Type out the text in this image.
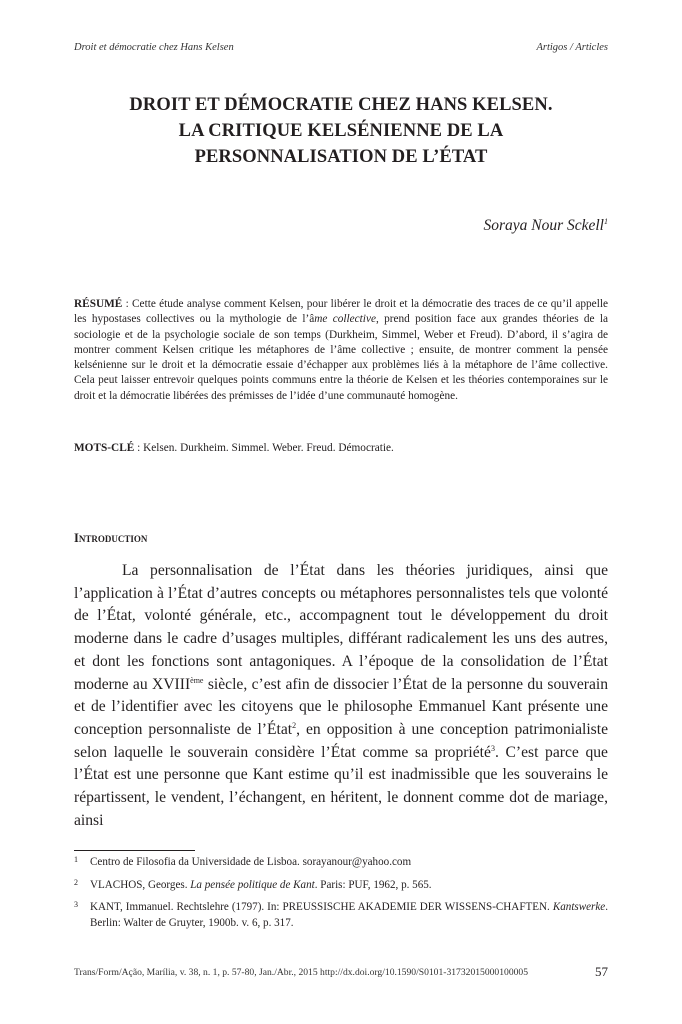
Droit et démocratie chez Hans Kelsen	Artigos / Articles
DROIT ET DÉMOCRATIE CHEZ HANS KELSEN.
LA CRITIQUE KELSÉNIENNE DE LA
PERSONNALISATION DE L’ÉTAT
Soraya Nour Sckell$^1$
RÉSUMÉ : Cette étude analyse comment Kelsen, pour libérer le droit et la démocratie des traces de ce qu’il appelle les hypostases collectives ou la mythologie de l’âme collective, prend position face aux grandes théories de la sociologie et de la psychologie sociale de son temps (Durkheim, Simmel, Weber et Freud). D’abord, il s’agira de montrer comment Kelsen critique les métaphores de l’âme collective ; ensuite, de montrer comment la pensée kelsénienne sur le droit et la démocratie essaie d’échapper aux problèmes liés à la métaphore de l’âme collective. Cela peut laisser entrevoir quelques points communs entre la théorie de Kelsen et les théories contemporaines sur le droit et la démocratie libérées des prémisses de l’idée d’une communauté homogène.
MOTS-CLÉ : Kelsen. Durkheim. Simmel. Weber. Freud. Démocratie.
Introduction

La personnalisation de l’État dans les théories juridiques, ainsi que l’application à l’État d’autres concepts ou métaphores personnalistes tels que volonté de l’État, volonté générale, etc., accompagnent tout le développement du droit moderne dans le cadre d’usages multiples, différant radicalement les uns des autres, et dont les fonctions sont antagoniques. A l’époque de la consolidation de l’État moderne au XVIIIème siècle, c’est afin de dissocier l’État de la personne du souverain et de l’identifier avec les citoyens que le philosophe Emmanuel Kant présente une conception personnaliste de l’État$^2$, en opposition à une conception patrimonialiste selon laquelle le souverain considère l’État comme sa propriété$^3$. C’est parce que l’État est une personne que Kant estime qu’il est inadmissible que les souverains le répartissent, le vendent, l’échangent, en héritent, le donnent comme dot de mariage, ainsi

1	Centro de Filosofia da Universidade de Lisboa. sorayanour@yahoo.com
2	VLACHOS, Georges. La pensée politique de Kant. Paris: PUF, 1962, p. 565.
3	KANT, Immanuel. Rechtslehre (1797). In: PREUSSISCHE AKADEMIE DER WISSENS-CHAFTEN. Kantswerke. Berlin: Walter de Gruyter, 1900b. v. 6, p. 317.
Trans/Form/Ação, Marília, v. 38, n. 1, p. 57-80, Jan./Abr., 2015 http://dx.doi.org/10.1590/S0101-31732015000100005	57
